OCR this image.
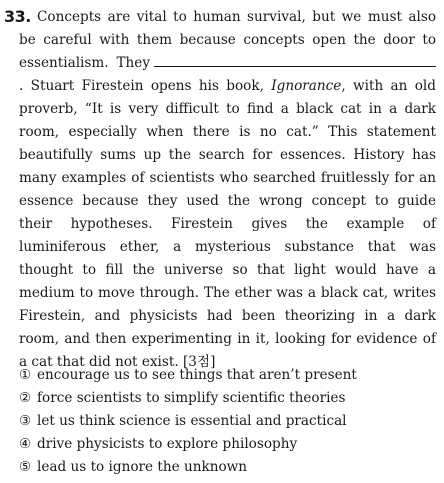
33. Concepts are vital to human survival, but we must also be careful with them because concepts open the door to essentialism. They. Stuart Firestein opens his book, Ignorance, with an old proverb, “It is very difficult to find a black cat in a dark room, especially when there is no cat.” This statement beautifully sums up the search for essences. History has many examples of scientists who searched fruitlessly for an essence because they used the wrong concept to guide their hypotheses. Firestein gives the example of luminiferous ether, a mysterious substance that was thought to fill the universe so that light would have a medium to move through. The ether was a black cat, writes Firestein, and physicists had been theorizing in a dark room, and then experimenting in it, looking for evidence of a cat that did not exist. [3점]

① encourage us to see things that aren’t present
② force scientists to simplify scientific theories
③ let us think science is essential and practical
④ drive physicists to explore philosophy
⑤ lead us to ignore the unknown
